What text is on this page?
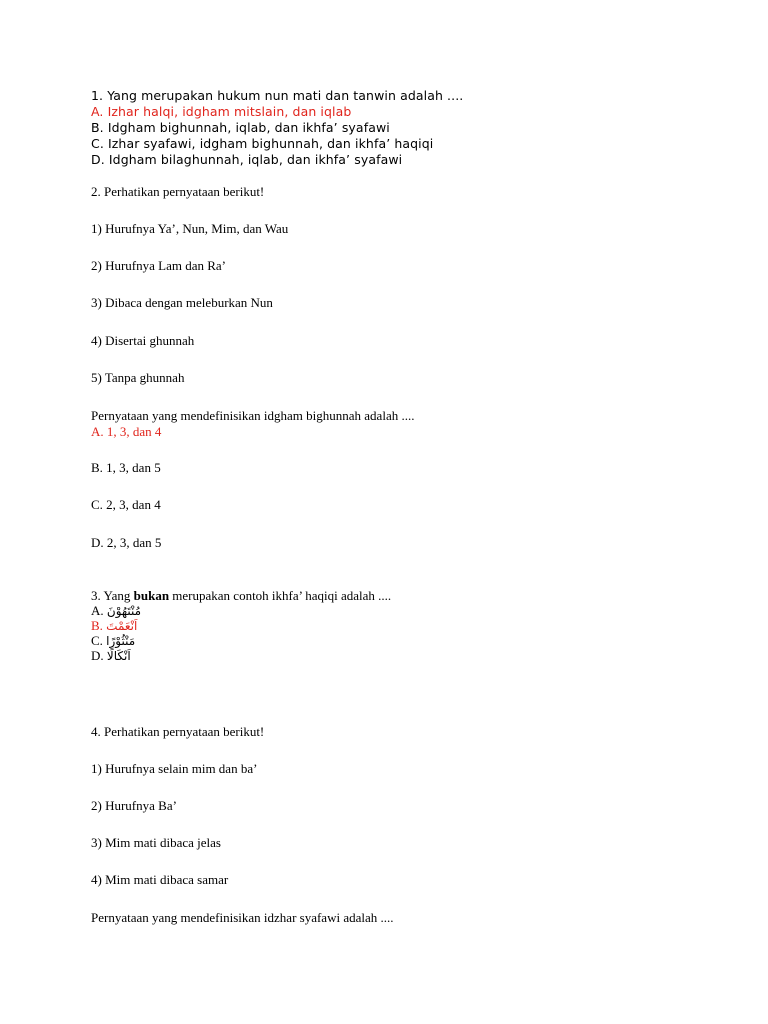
1. Yang merupakan hukum nun mati dan tanwin adalah ....
A. Izhar halqi, idgham mitslain, dan iqlab
B. Idgham bighunnah, iqlab, dan ikhfa’ syafawi
C. Izhar syafawi, idgham bighunnah, dan ikhfa’ haqiqi
D. Idgham bilaghunnah, iqlab, dan ikhfa’ syafawi
2. Perhatikan pernyataan berikut!
1) Hurufnya Ya’, Nun, Mim, dan Wau
2) Hurufnya Lam dan Ra’
3) Dibaca dengan meleburkan Nun
4) Disertai ghunnah
5) Tanpa ghunnah
Pernyataan yang mendefinisikan idgham bighunnah adalah ....
A. 1, 3, dan 4
B. 1, 3, dan 5
C. 2, 3, dan 4
D. 2, 3, dan 5
3. Yang bukan merupakan contoh ikhfa’ haqiqi adalah ....
A. مُنْتَهُوْنَ
B. اَنْعَمْتَ
C. مَنْثُوْرًا
D. اَنْكَالًا
4. Perhatikan pernyataan berikut!
1) Hurufnya selain mim dan ba’
2) Hurufnya Ba’
3) Mim mati dibaca jelas
4) Mim mati dibaca samar
Pernyataan yang mendefinisikan idzhar syafawi adalah ....
